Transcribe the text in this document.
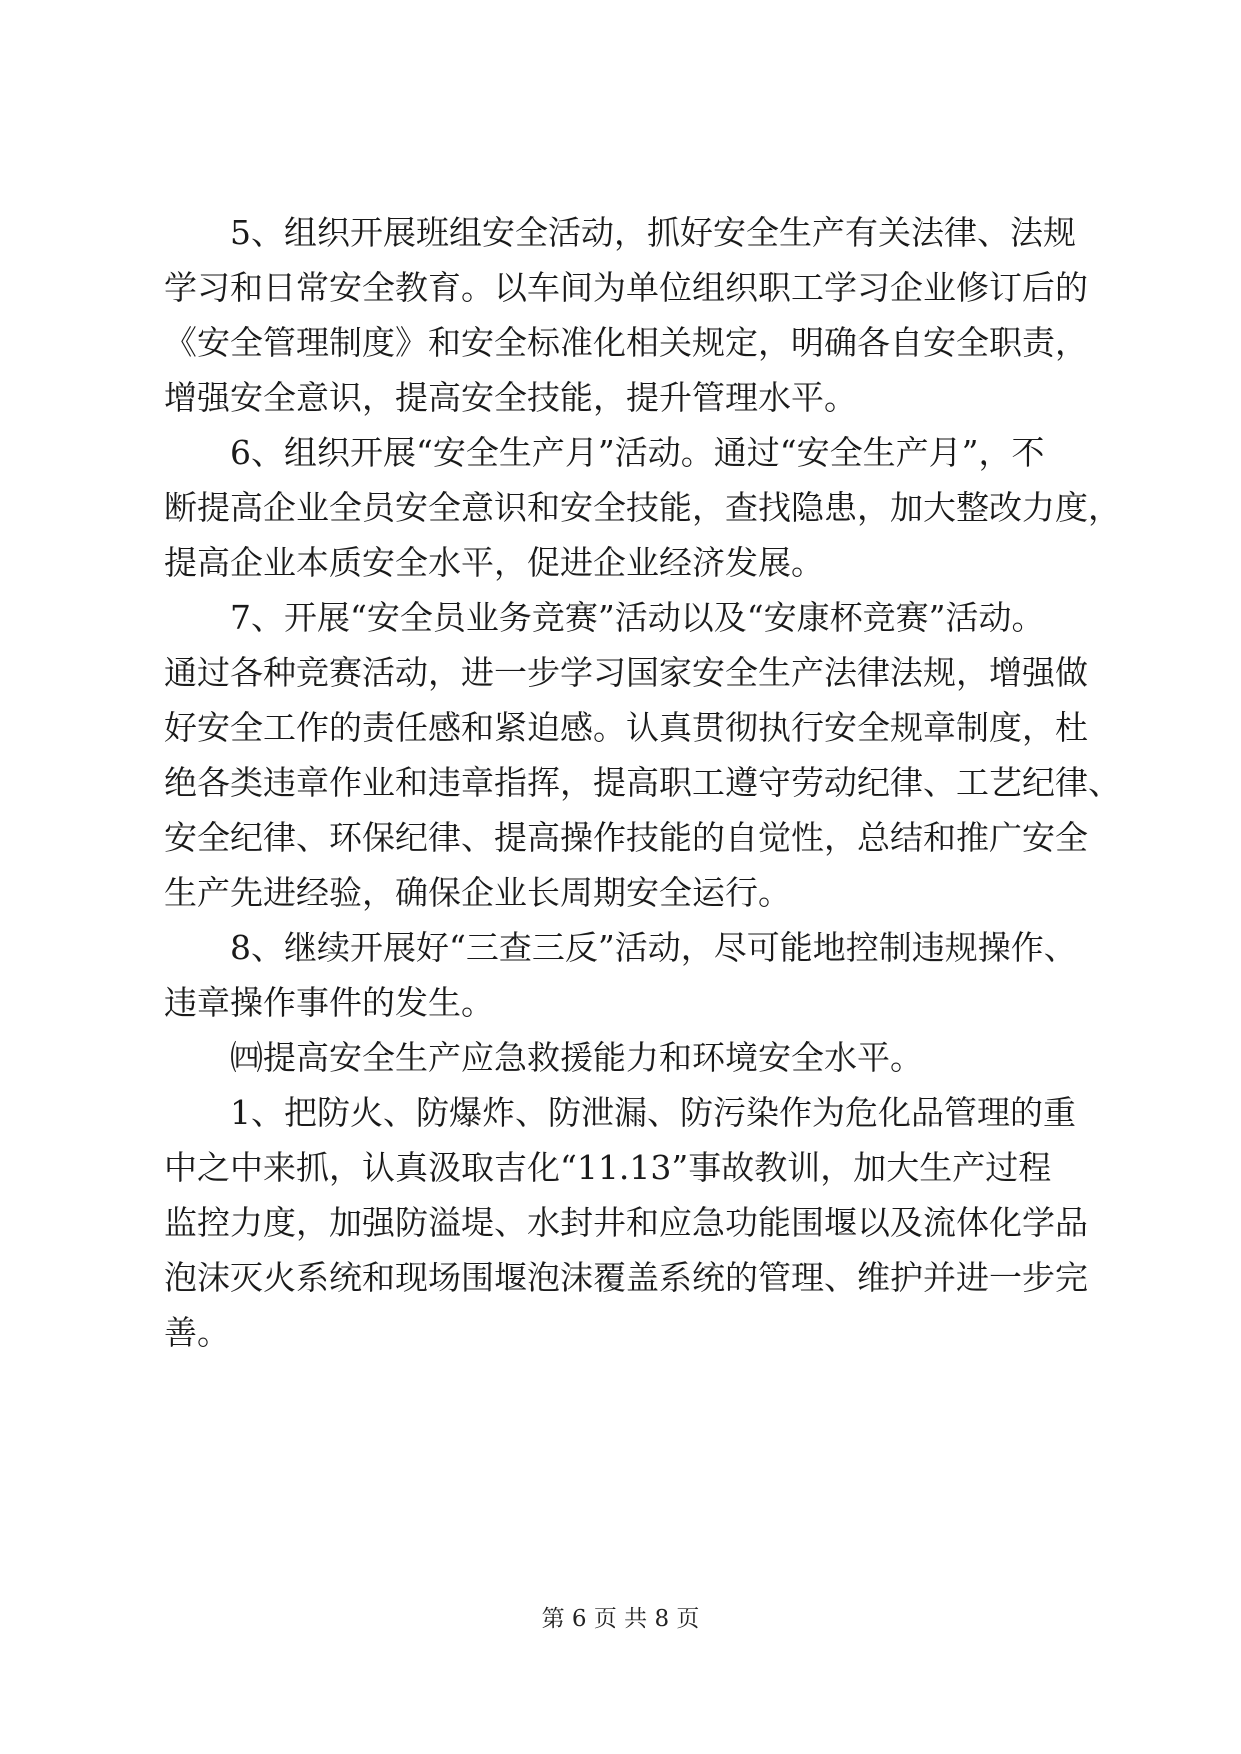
5、组织开展班组安全活动，抓好安全生产有关法律、法规

学习和日常安全教育。以车间为单位组织职工学习企业修订后的

《安全管理制度》和安全标准化相关规定，明确各自安全职责，

增强安全意识，提高安全技能，提升管理水平。

6、组织开展“安全生产月”活动。通过“安全生产月”，不

断提高企业全员安全意识和安全技能，查找隐患，加大整改力度，

提高企业本质安全水平，促进企业经济发展。

7、开展“安全员业务竞赛”活动以及“安康杯竞赛”活动。

通过各种竞赛活动，进一步学习国家安全生产法律法规，增强做

好安全工作的责任感和紧迫感。认真贯彻执行安全规章制度，杜

绝各类违章作业和违章指挥，提高职工遵守劳动纪律、工艺纪律、

安全纪律、环保纪律、提高操作技能的自觉性，总结和推广安全

生产先进经验，确保企业长周期安全运行。

8、继续开展好“三查三反”活动，尽可能地控制违规操作、

违章操作事件的发生。

㈣提高安全生产应急救援能力和环境安全水平。

1、把防火、防爆炸、防泄漏、防污染作为危化品管理的重

中之中来抓，认真汲取吉化“11.13”事故教训，加大生产过程

监控力度，加强防溢堤、水封井和应急功能围堰以及流体化学品

泡沫灭火系统和现场围堰泡沫覆盖系统的管理、维护并进一步完

善。

第 6 页 共 8 页
